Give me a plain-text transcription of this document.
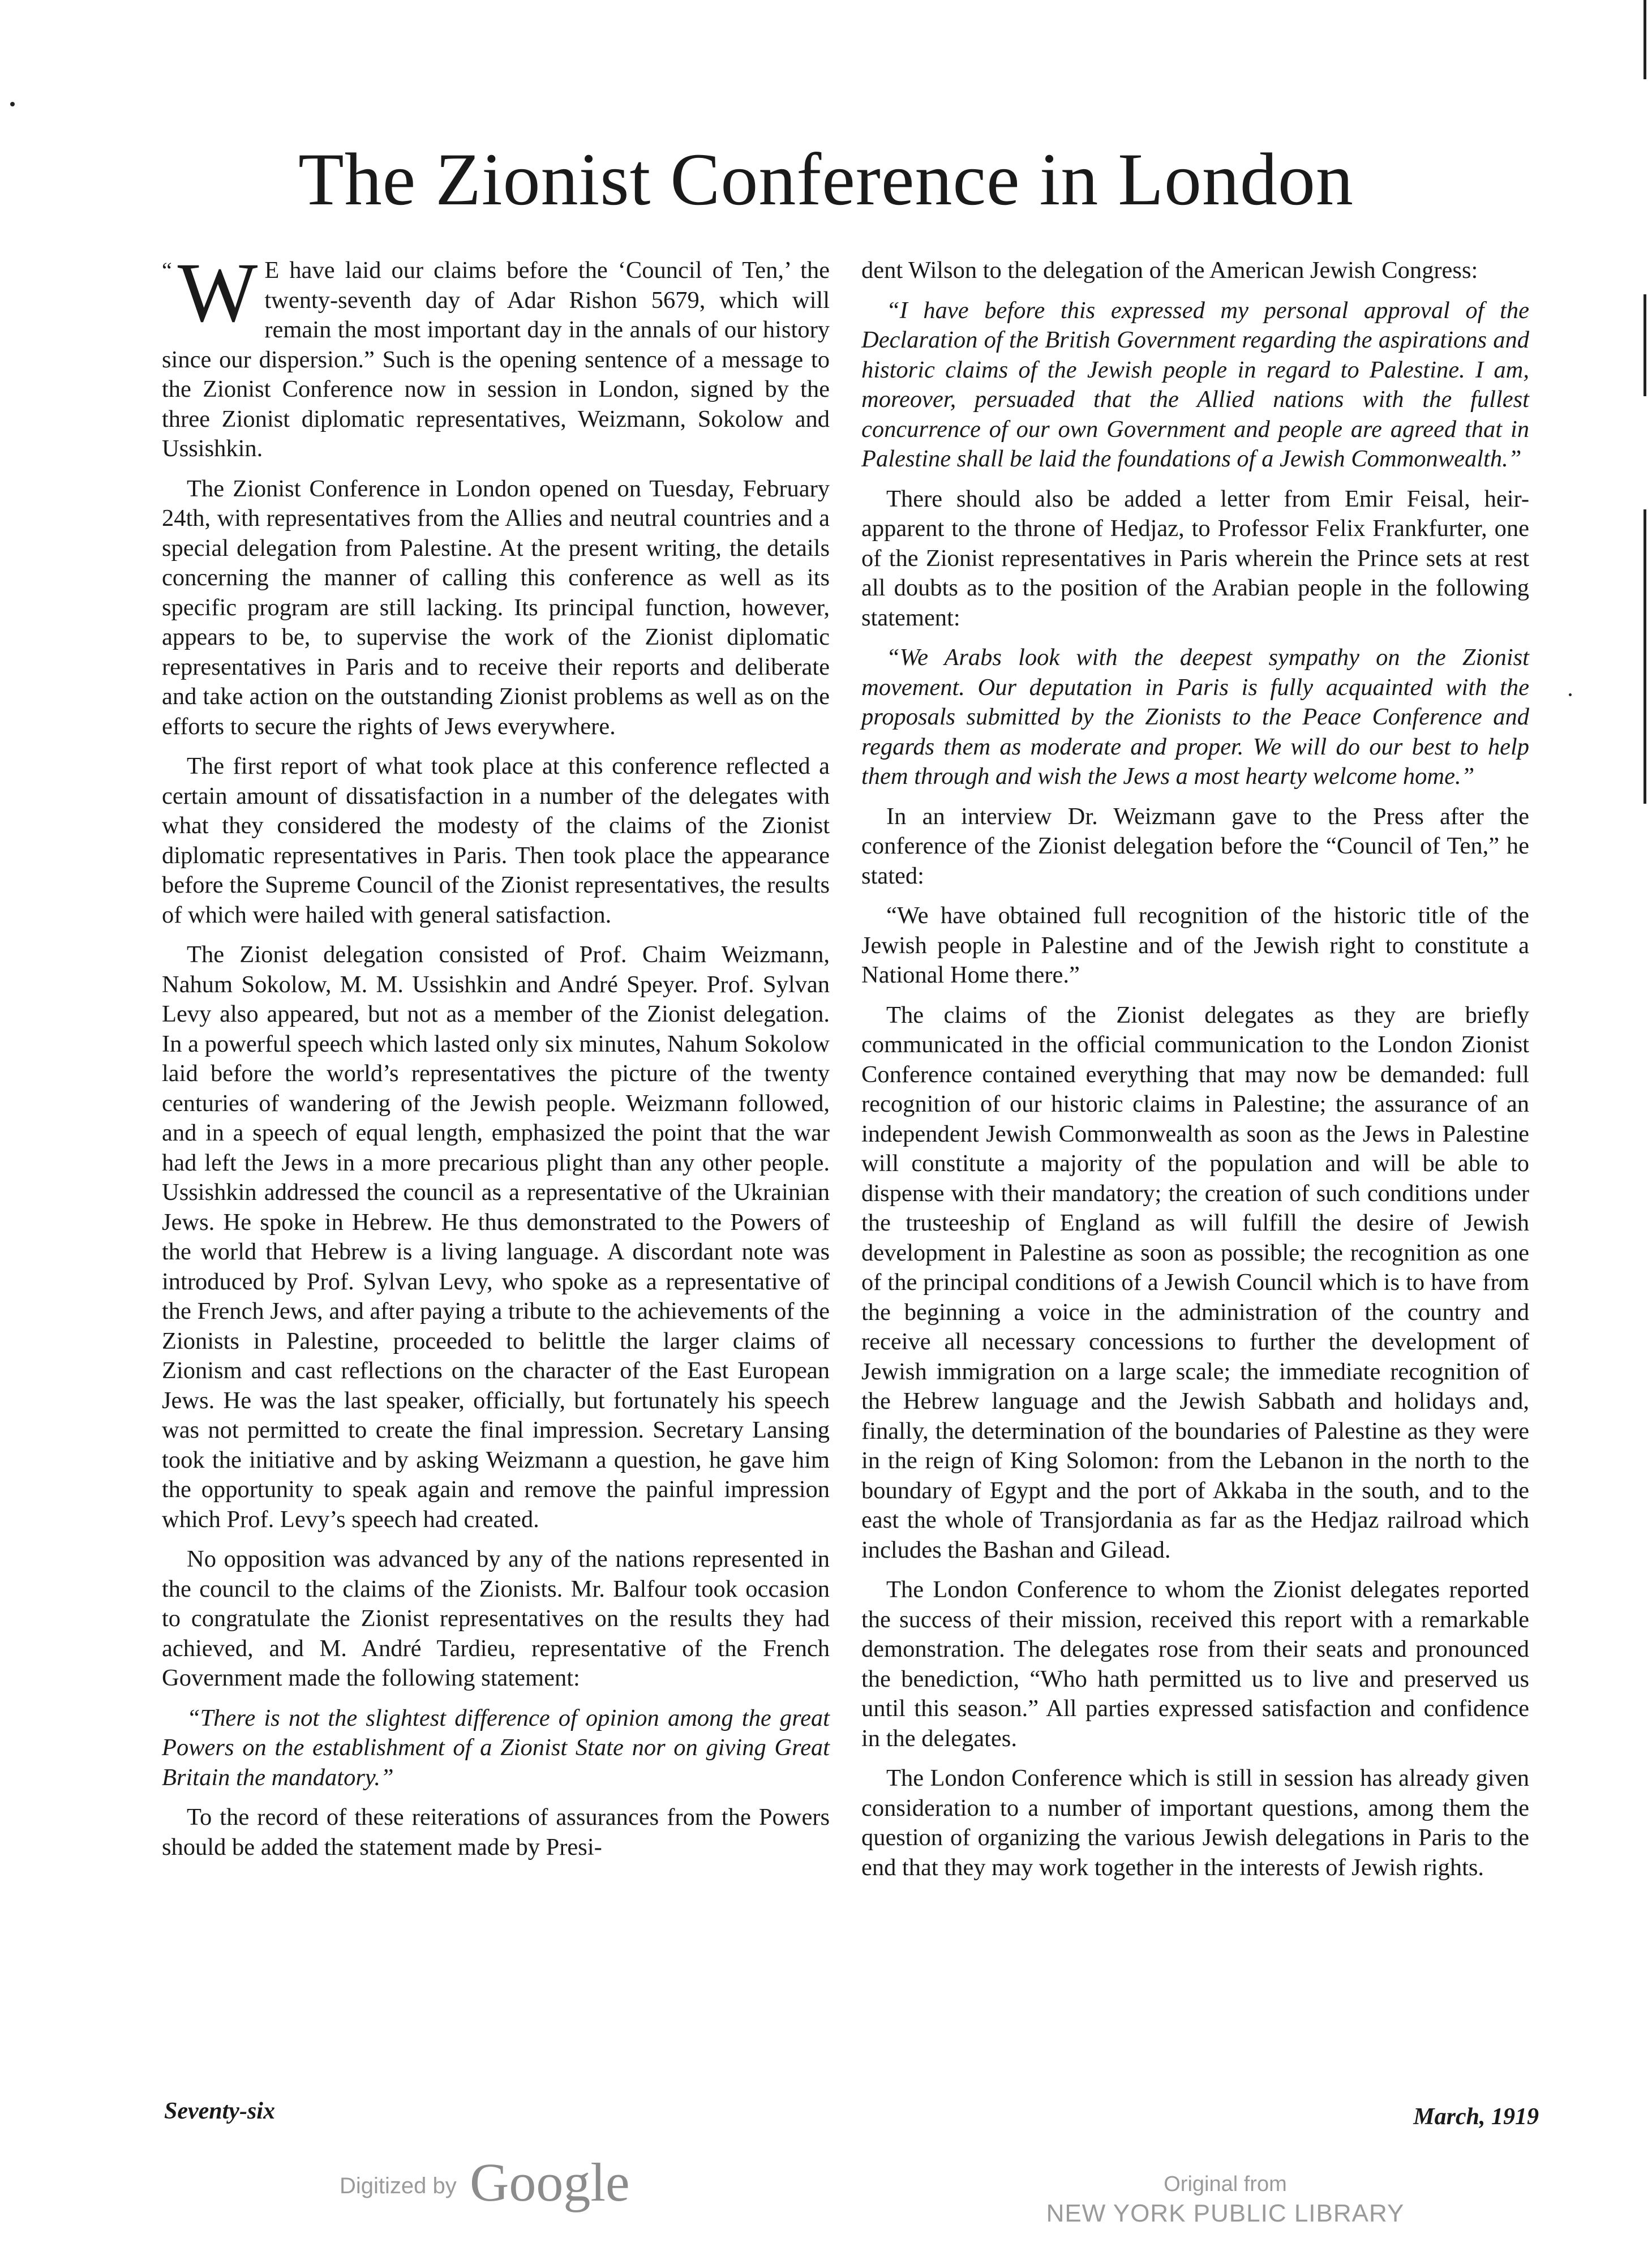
The Zionist Conference in London

“ W E have laid our claims before the ‘Council of Ten,’ the twenty-seventh day of Adar Rishon 5679, which will remain the most important day in the annals of our history since our dispersion.” Such is the opening sentence of a message to the Zionist Conference now in session in London, signed by the three Zionist diplomatic representatives, Weizmann, Sokolow and Ussishkin.

The Zionist Conference in London opened on Tuesday, February 24th, with representatives from the Allies and neutral countries and a special delegation from Palestine. At the present writing, the details concerning the manner of calling this conference as well as its specific program are still lacking. Its principal function, however, appears to be, to supervise the work of the Zionist diplomatic representatives in Paris and to receive their reports and deliberate and take action on the outstanding Zionist problems as well as on the efforts to secure the rights of Jews everywhere.

The first report of what took place at this conference reflected a certain amount of dissatisfaction in a number of the delegates with what they considered the modesty of the claims of the Zionist diplomatic representatives in Paris. Then took place the appearance before the Supreme Council of the Zionist representatives, the results of which were hailed with general satisfaction.

The Zionist delegation consisted of Prof. Chaim Weizmann, Nahum Sokolow, M. M. Ussishkin and André Speyer. Prof. Sylvan Levy also appeared, but not as a member of the Zionist delegation. In a powerful speech which lasted only six minutes, Nahum Sokolow laid before the world’s representatives the picture of the twenty centuries of wandering of the Jewish people. Weizmann followed, and in a speech of equal length, emphasized the point that the war had left the Jews in a more precarious plight than any other people. Ussishkin addressed the council as a representative of the Ukrainian Jews. He spoke in Hebrew. He thus demonstrated to the Powers of the world that Hebrew is a living language. A discordant note was introduced by Prof. Sylvan Levy, who spoke as a representative of the French Jews, and after paying a tribute to the achievements of the Zionists in Palestine, proceeded to belittle the larger claims of Zionism and cast reflections on the character of the East European Jews. He was the last speaker, officially, but fortunately his speech was not permitted to create the final impression. Secretary Lansing took the initiative and by asking Weizmann a question, he gave him the opportunity to speak again and remove the painful impression which Prof. Levy’s speech had created.

No opposition was advanced by any of the nations represented in the council to the claims of the Zionists. Mr. Balfour took occasion to congratulate the Zionist representatives on the results they had achieved, and M. André Tardieu, representative of the French Government made the following statement:

“There is not the slightest difference of opinion among the great Powers on the establishment of a Zionist State nor on giving Great Britain the mandatory.”

To the record of these reiterations of assurances from the Powers should be added the statement made by Presi-

dent Wilson to the delegation of the American Jewish Congress:

“I have before this expressed my personal approval of the Declaration of the British Government regarding the aspirations and historic claims of the Jewish people in regard to Palestine. I am, moreover, persuaded that the Allied nations with the fullest concurrence of our own Government and people are agreed that in Palestine shall be laid the foundations of a Jewish Commonwealth.”

There should also be added a letter from Emir Feisal, heir-apparent to the throne of Hedjaz, to Professor Felix Frankfurter, one of the Zionist representatives in Paris wherein the Prince sets at rest all doubts as to the position of the Arabian people in the following statement:

“We Arabs look with the deepest sympathy on the Zionist movement. Our deputation in Paris is fully acquainted with the proposals submitted by the Zionists to the Peace Conference and regards them as moderate and proper. We will do our best to help them through and wish the Jews a most hearty welcome home.”

In an interview Dr. Weizmann gave to the Press after the conference of the Zionist delegation before the “Council of Ten,” he stated:

“We have obtained full recognition of the historic title of the Jewish people in Palestine and of the Jewish right to constitute a National Home there.”

The claims of the Zionist delegates as they are briefly communicated in the official communication to the London Zionist Conference contained everything that may now be demanded: full recognition of our historic claims in Palestine; the assurance of an independent Jewish Commonwealth as soon as the Jews in Palestine will constitute a majority of the population and will be able to dispense with their mandatory; the creation of such conditions under the trusteeship of England as will fulfill the desire of Jewish development in Palestine as soon as possible; the recognition as one of the principal conditions of a Jewish Council which is to have from the beginning a voice in the administration of the country and receive all necessary concessions to further the development of Jewish immigration on a large scale; the immediate recognition of the Hebrew language and the Jewish Sabbath and holidays and, finally, the determination of the boundaries of Palestine as they were in the reign of King Solomon: from the Lebanon in the north to the boundary of Egypt and the port of Akkaba in the south, and to the east the whole of Transjordania as far as the Hedjaz railroad which includes the Bashan and Gilead.

The London Conference to whom the Zionist delegates reported the success of their mission, received this report with a remarkable demonstration. The delegates rose from their seats and pronounced the benediction, “Who hath permitted us to live and preserved us until this season.” All parties expressed satisfaction and confidence in the delegates.

The London Conference which is still in session has already given consideration to a number of important questions, among them the question of organizing the various Jewish delegations in Paris to the end that they may work together in the interests of Jewish rights.

Seventy-six	March, 1919
Digitized by Google	Original from
NEW YORK PUBLIC LIBRARY
